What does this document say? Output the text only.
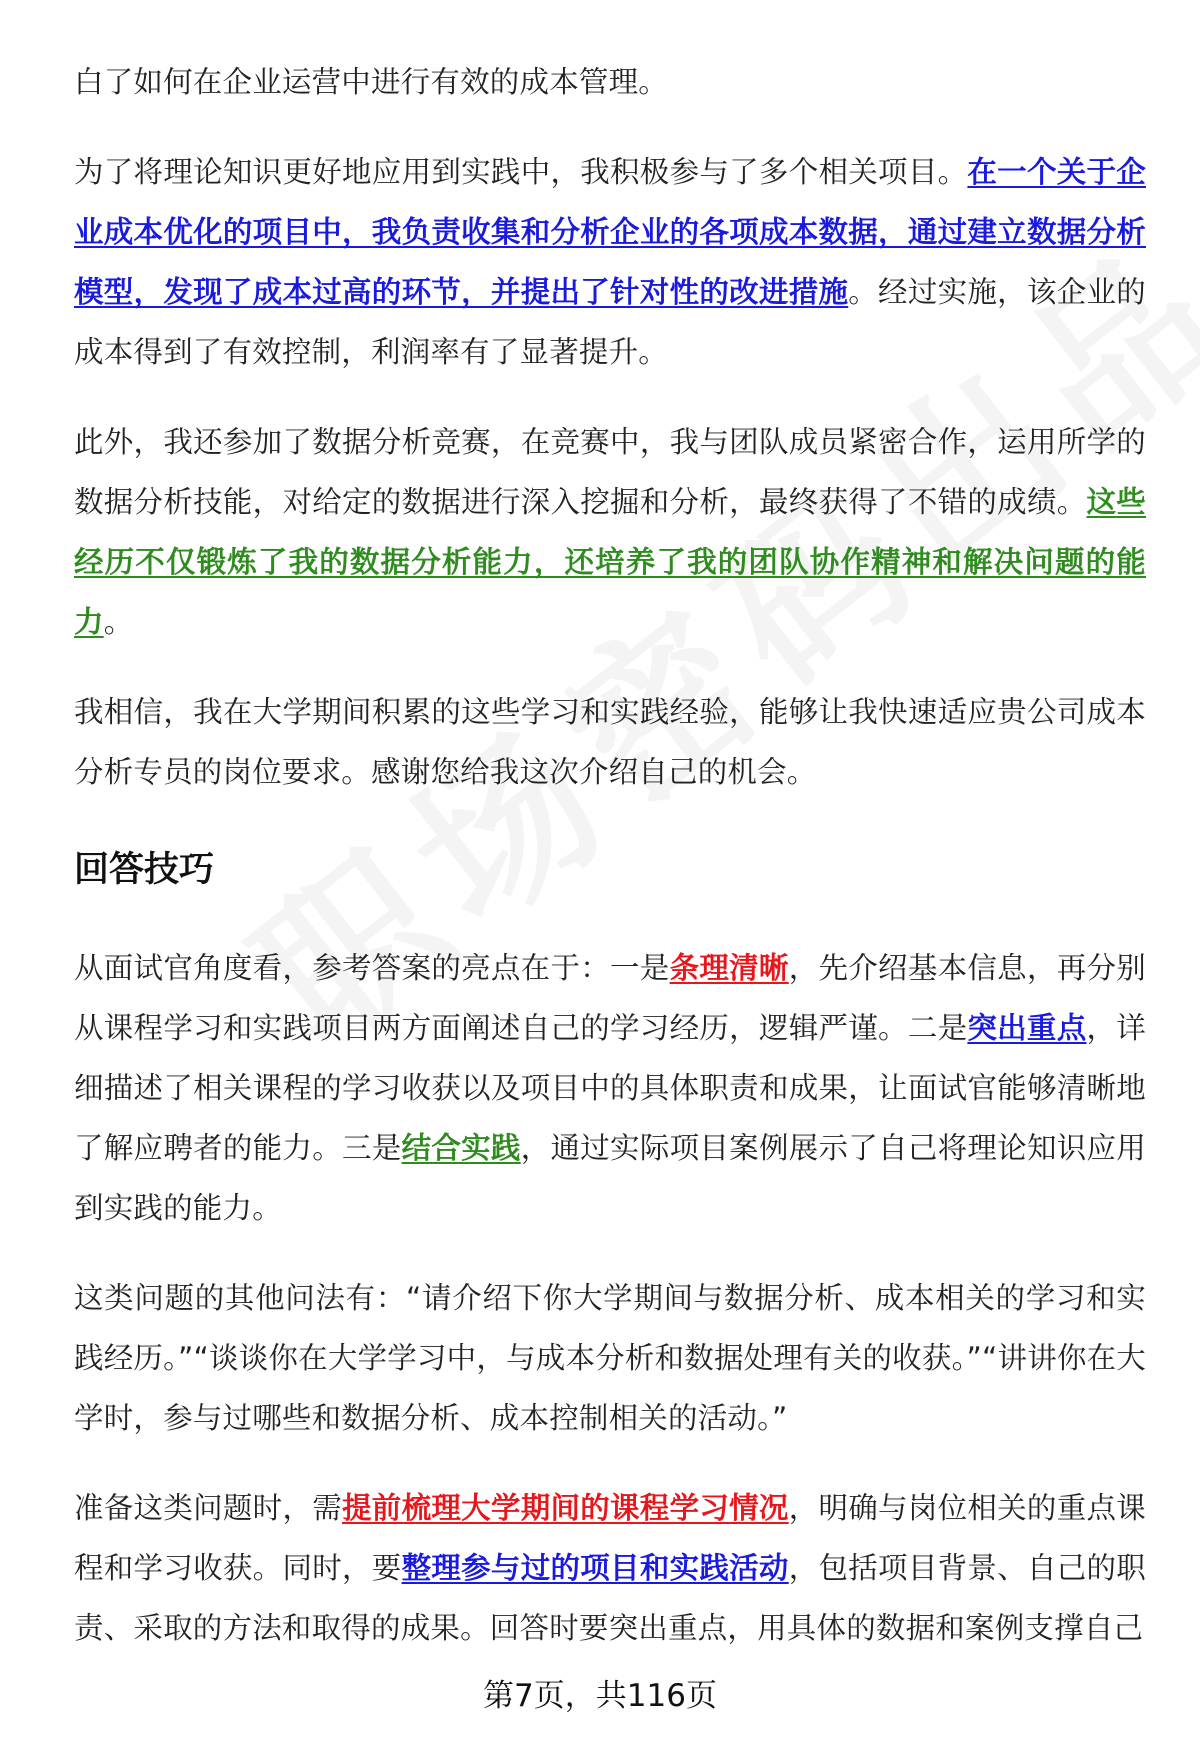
白了如何在企业运营中进行有效的成本管理。

为了将理论知识更好地应用到实践中，我积极参与了多个相关项目。在一个关于企业成本优化的项目中，我负责收集和分析企业的各项成本数据，通过建立数据分析模型，发现了成本过高的环节，并提出了针对性的改进措施。经过实施，该企业的成本得到了有效控制，利润率有了显著提升。

此外，我还参加了数据分析竞赛，在竞赛中，我与团队成员紧密合作，运用所学的数据分析技能，对给定的数据进行深入挖掘和分析，最终获得了不错的成绩。这些经历不仅锻炼了我的数据分析能力，还培养了我的团队协作精神和解决问题的能力。

我相信，我在大学期间积累的这些学习和实践经验，能够让我快速适应贵公司成本分析专员的岗位要求。感谢您给我这次介绍自己的机会。

回答技巧

从面试官角度看，参考答案的亮点在于：一是条理清晰，先介绍基本信息，再分别从课程学习和实践项目两方面阐述自己的学习经历，逻辑严谨。二是突出重点，详细描述了相关课程的学习收获以及项目中的具体职责和成果，让面试官能够清晰地了解应聘者的能力。三是结合实践，通过实际项目案例展示了自己将理论知识应用到实践的能力。

这类问题的其他问法有：“请介绍下你大学期间与数据分析、成本相关的学习和实践经历。”“谈谈你在大学学习中，与成本分析和数据处理有关的收获。”“讲讲你在大学时，参与过哪些和数据分析、成本控制相关的活动。”

准备这类问题时，需提前梳理大学期间的课程学习情况，明确与岗位相关的重点课程和学习收获。同时，要整理参与过的项目和实践活动，包括项目背景、自己的职责、采取的方法和取得的成果。回答时要突出重点，用具体的数据和案例支撑自己

第7页，共116页
